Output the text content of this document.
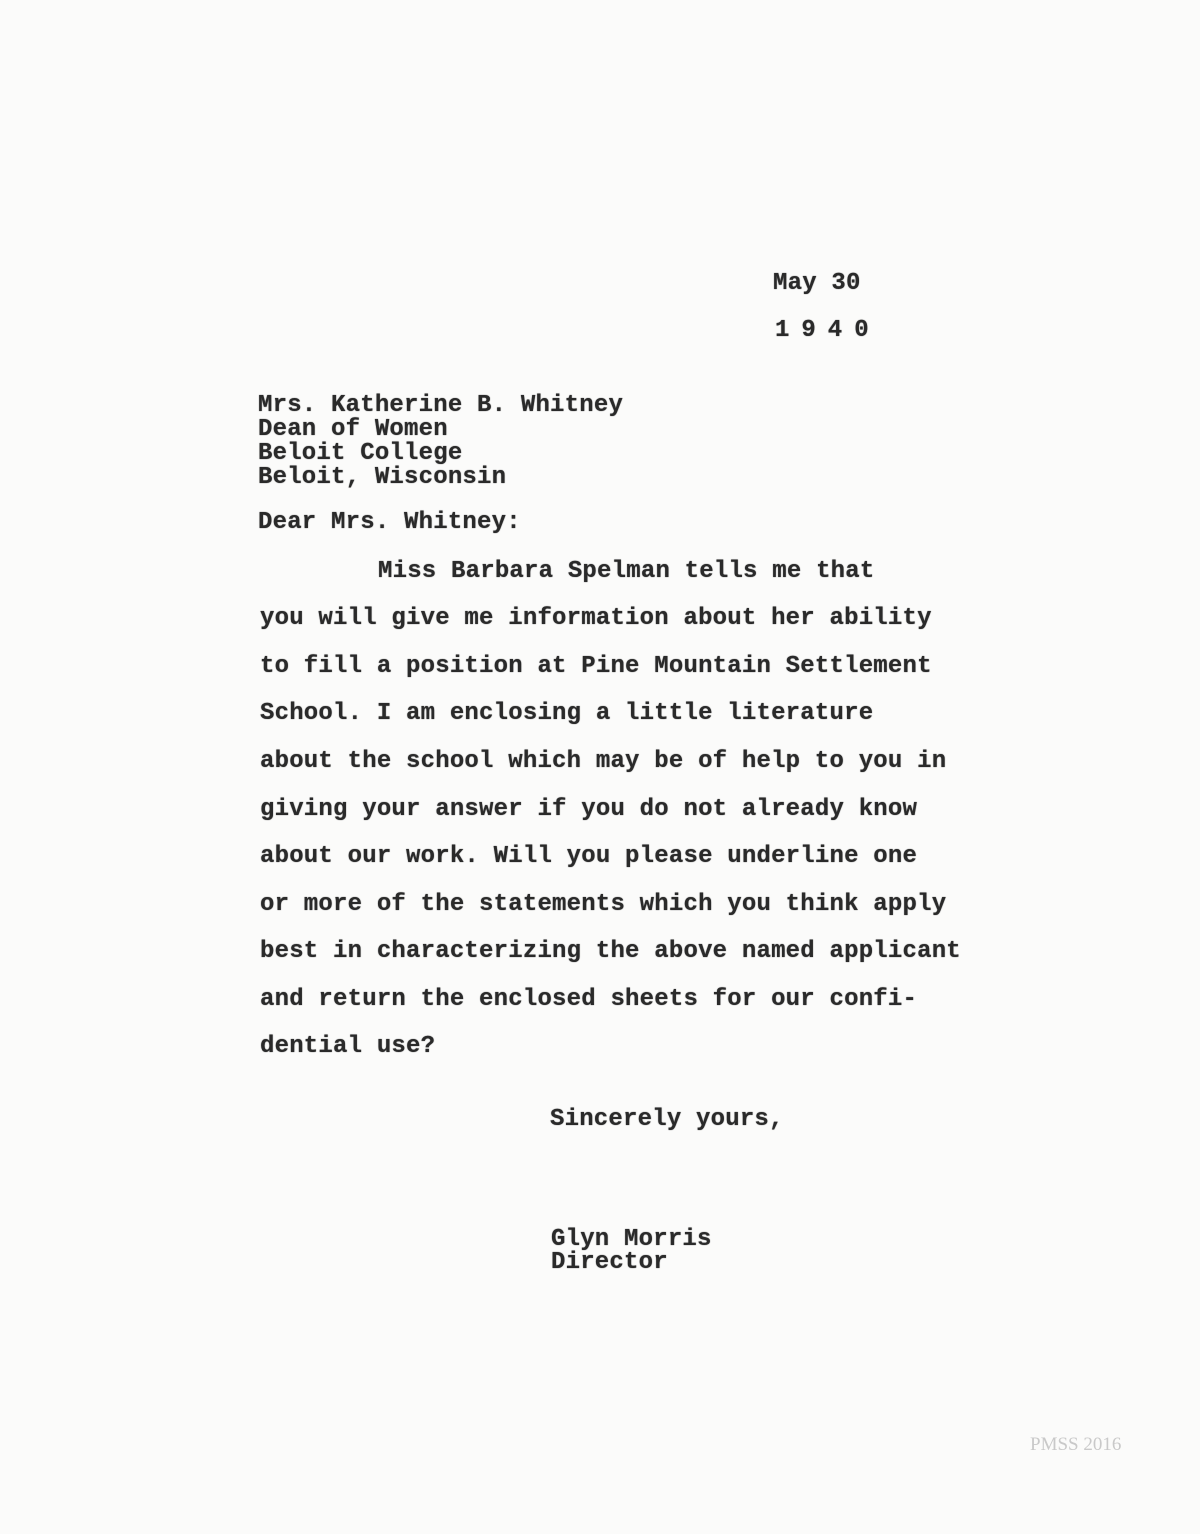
May 30
1940
Mrs. Katherine B. Whitney
Dean of Women
Beloit College
Beloit, Wisconsin
Dear Mrs. Whitney:
Miss Barbara Spelman tells me that
you will give me information about her ability
to fill a position at Pine Mountain Settlement
School. I am enclosing a little literature
about the school which may be of help to you in
giving your answer if you do not already know
about our work. Will you please underline one
or more of the statements which you think apply
best in characterizing the above named applicant
and return the enclosed sheets for our confi-
dential use?
Sincerely yours,
Glyn Morris
Director
PMSS 2016
